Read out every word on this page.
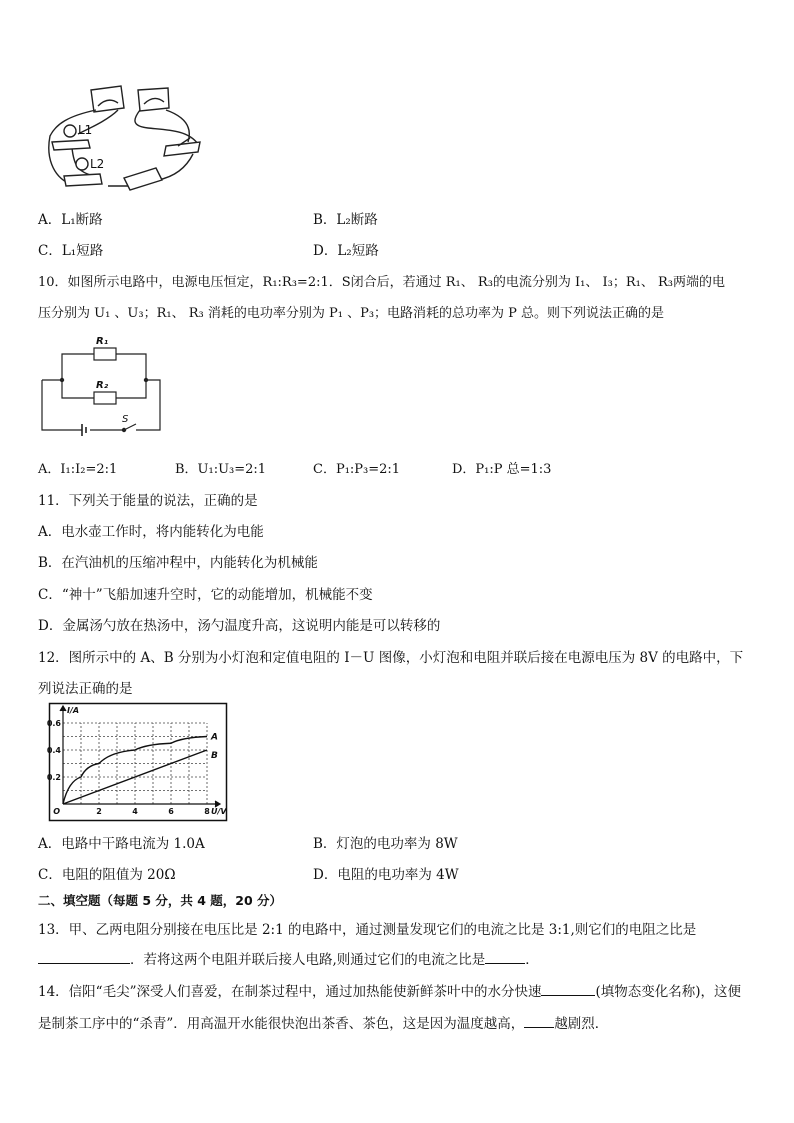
L1
L2
A．L₁断路	B．L₂断路
C．L₁短路	D．L₂短路
10．如图所示电路中，电源电压恒定，R₁:R₃=2:1．S闭合后，若通过 R₁、 R₃的电流分别为 I₁、 I₃；R₁、 R₃两端的电
压分别为 U₁ 、U₃；R₁、 R₃ 消耗的电功率分别为 P₁ 、P₃；电路消耗的总功率为 P 总。则下列说法正确的是
R₁
R₂
S
A．I₁:I₂=2:1	B．U₁:U₃=2:1	C．P₁:P₃=2:1	D．P₁:P 总=1:3
11．下列关于能量的说法，正确的是
A．电水壶工作时，将内能转化为电能
B．在汽油机的压缩冲程中，内能转化为机械能
C．“神十”飞船加速升空时，它的动能增加，机械能不变
D．金属汤勺放在热汤中，汤勺温度升高，这说明内能是可以转移的
12．图所示中的 A、B 分别为小灯泡和定值电阻的 I－U 图像，小灯泡和电阻并联后接在电源电压为 8V 的电路中，下
列说法正确的是
A
B
2	4	6	8
0.2
0.4
0.6
O	U/V
I/A
A．电路中干路电流为 1.0A	B．灯泡的电功率为 8W
C．电阻的阻值为 20Ω	D．电阻的电功率为 4W
二、填空题（每题 5 分，共 4 题，20 分）
13．甲、乙两电阻分别接在电压比是 2:1 的电路中，通过测量发现它们的电流之比是 3:1,则它们的电阻之比是
．若将这两个电阻并联后接人电路,则通过它们的电流之比是	．
14．信阳“毛尖”深受人们喜爱，在制茶过程中，通过加热能使新鲜茶叶中的水分快速	(填物态变化名称)，这便
是制茶工序中的“杀青”．用高温开水能很快泡出茶香、茶色，这是因为温度越高， 越剧烈．
